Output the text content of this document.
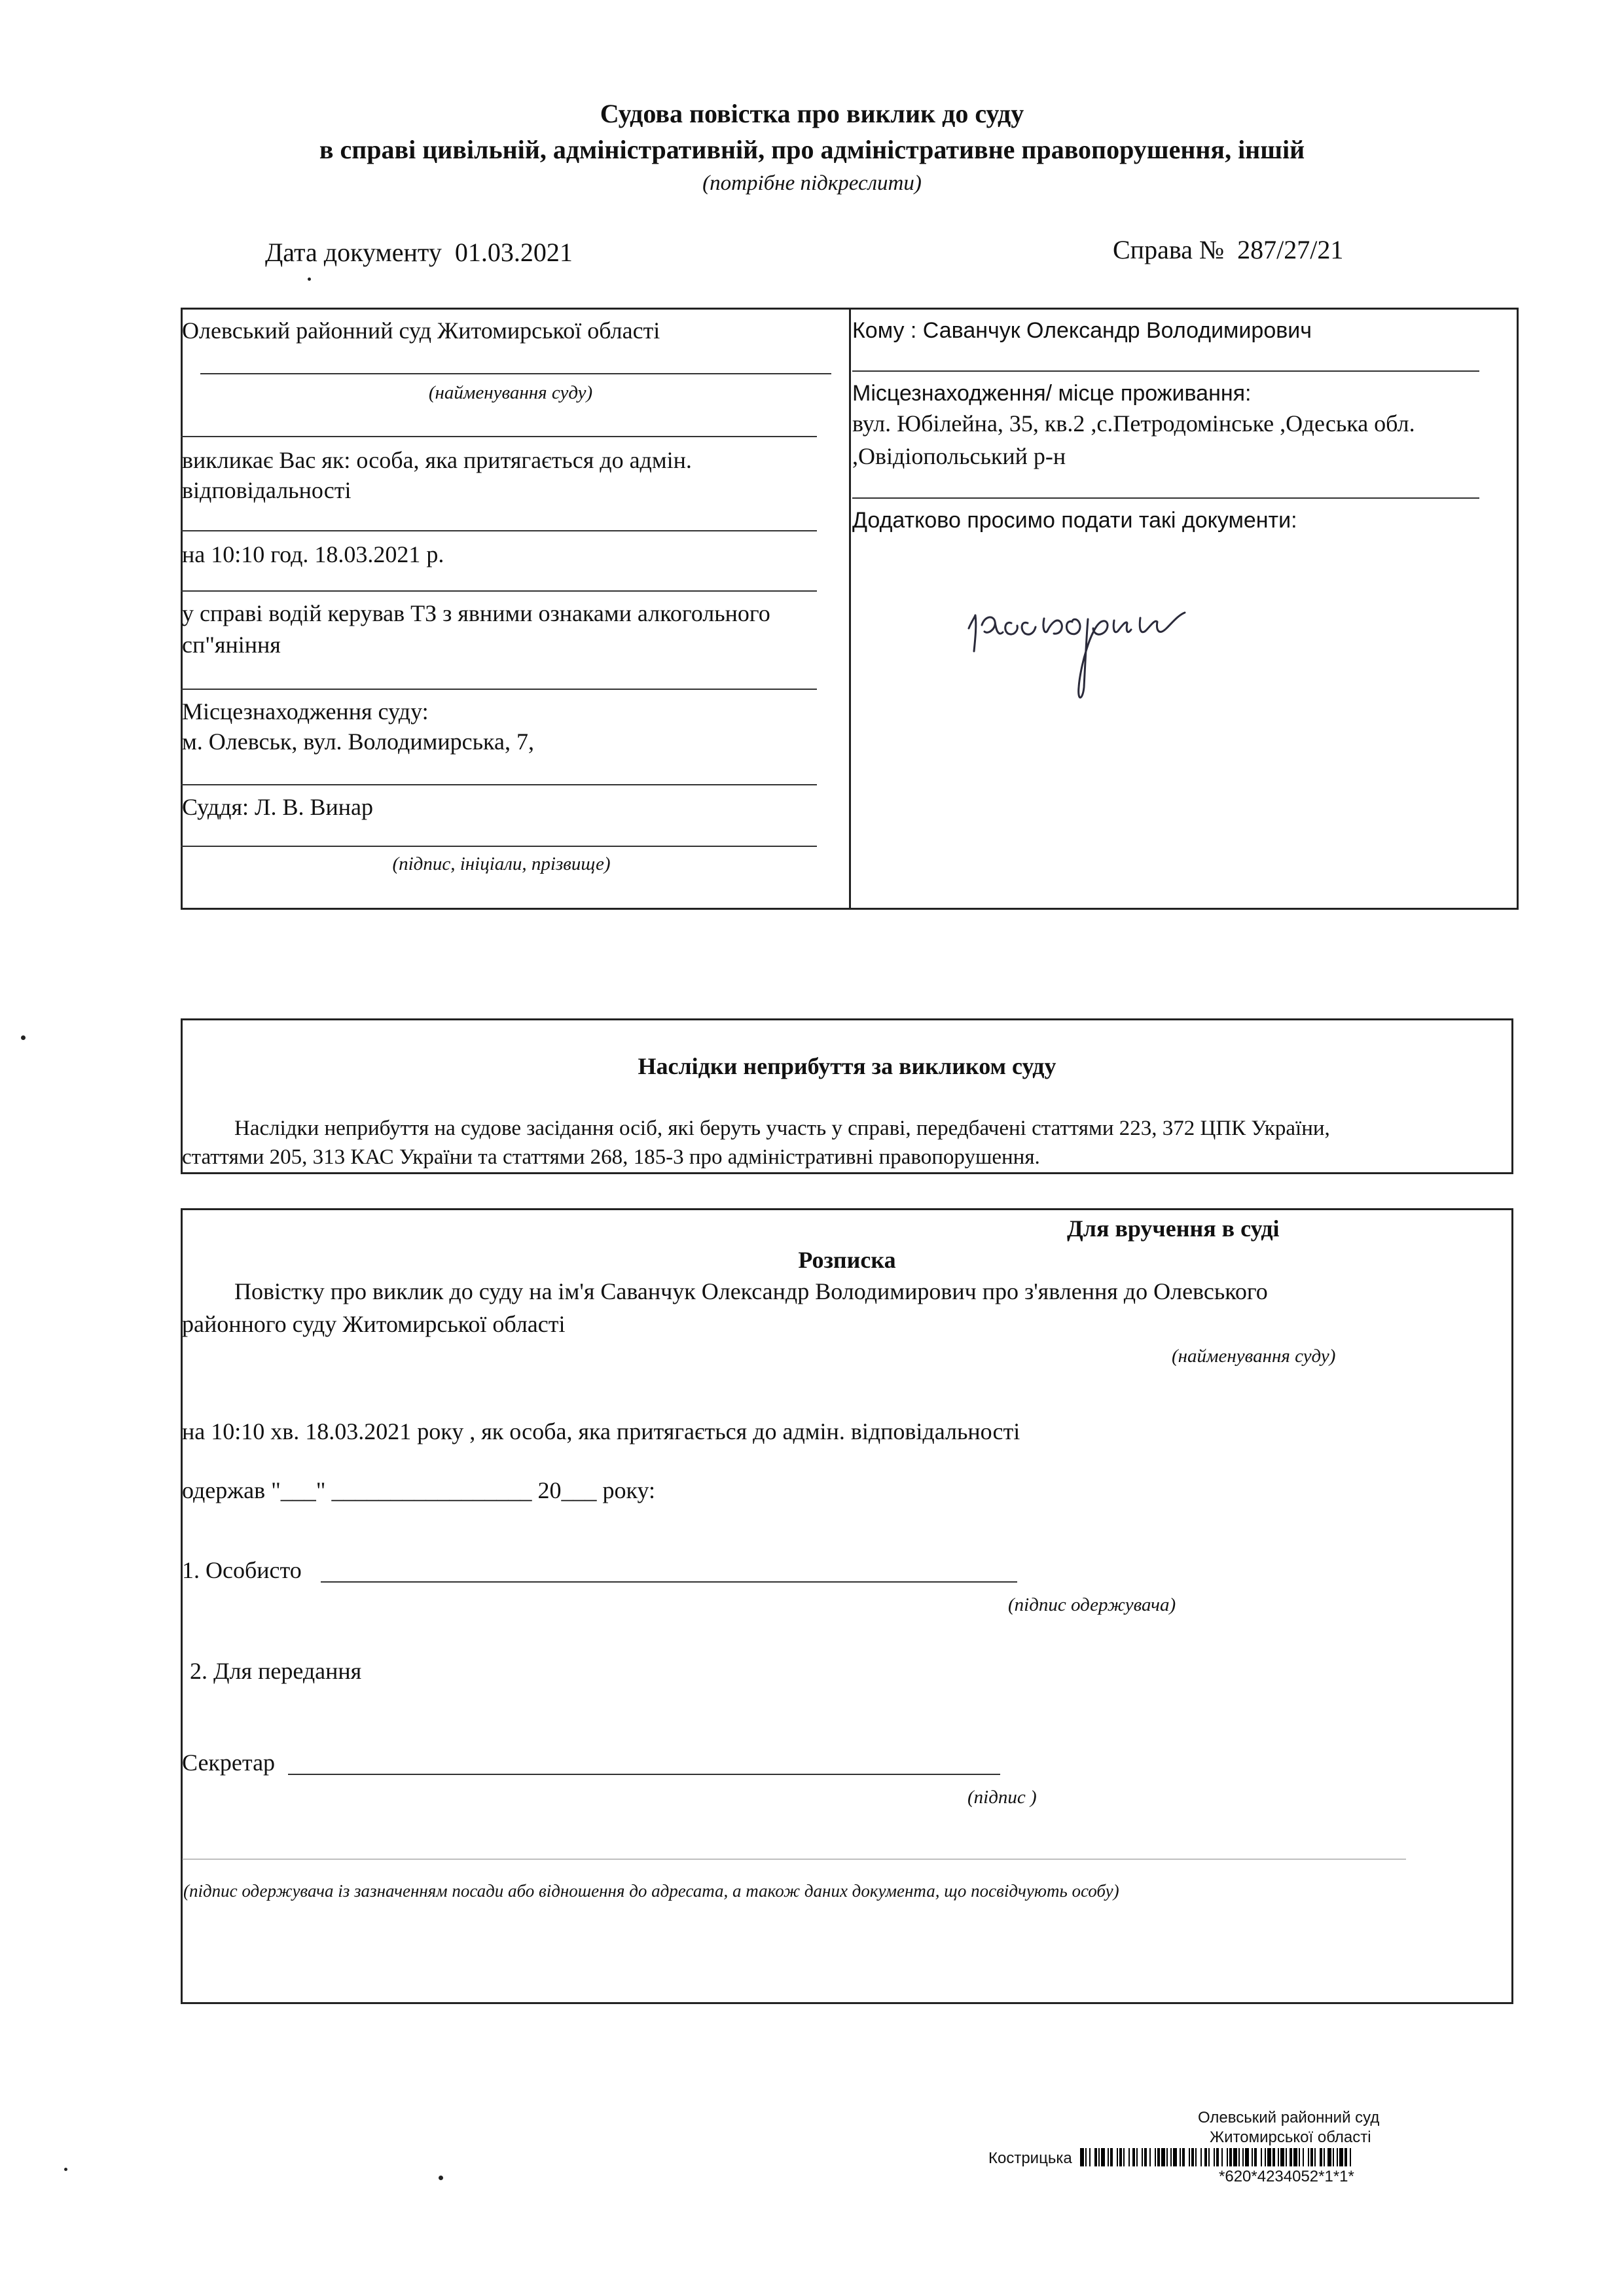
Судова повістка про виклик до суду
в справі цивільній, адміністративній, про адміністративне правопорушення, іншій
(потрібне підкреслити)
Дата документу 01.03.2021	Справа № 287/27/21
Олевський районний суд Житомирської області
(найменування суду)
викликає Вас як: особа, яка притягається до адмін.
відповідальності
на 10:10 год. 18.03.2021 р.
у справі водій керував ТЗ з явними ознаками алкогольного
сп"яніння
Місцезнаходження суду:
м. Олевськ, вул. Володимирська, 7,
Суддя: Л. В. Винар
(підпис, ініціали, прізвище)
Кому : Саванчук Олександр Володимирович
Місцезнаходження/ місце проживання:
вул. Юбілейна, 35, кв.2 ,с.Петродомінське ,Одеська обл.
,Овідіопольський р-н
Додатково просимо подати такі документи:
Наслідки неприбуття за викликом суду
Наслідки неприбуття на судове засідання осіб, які беруть участь у справі, передбачені статтями 223, 372 ЦПК України,
статтями 205, 313 КАС України та статтями 268, 185-3 про адміністративні правопорушення.
Для вручення в суді
Розписка
Повістку про виклик до суду на ім'я Саванчук Олександр Володимирович про з'явлення до Олевського
районного суду Житомирської області
(найменування суду)
на 10:10 хв. 18.03.2021 року , як особа, яка притягається до адмін. відповідальності
одержав "___" _________________ 20___ року:
1. Особисто
(підпис одержувача)
2. Для передання
Секретар
(підпис )
(підпис одержувача із зазначенням посади або відношення до адресата, а також даних документа, що посвідчують особу)
Олевський районний суд
Житомирської області
Кострицька
*620*4234052*1*1*
